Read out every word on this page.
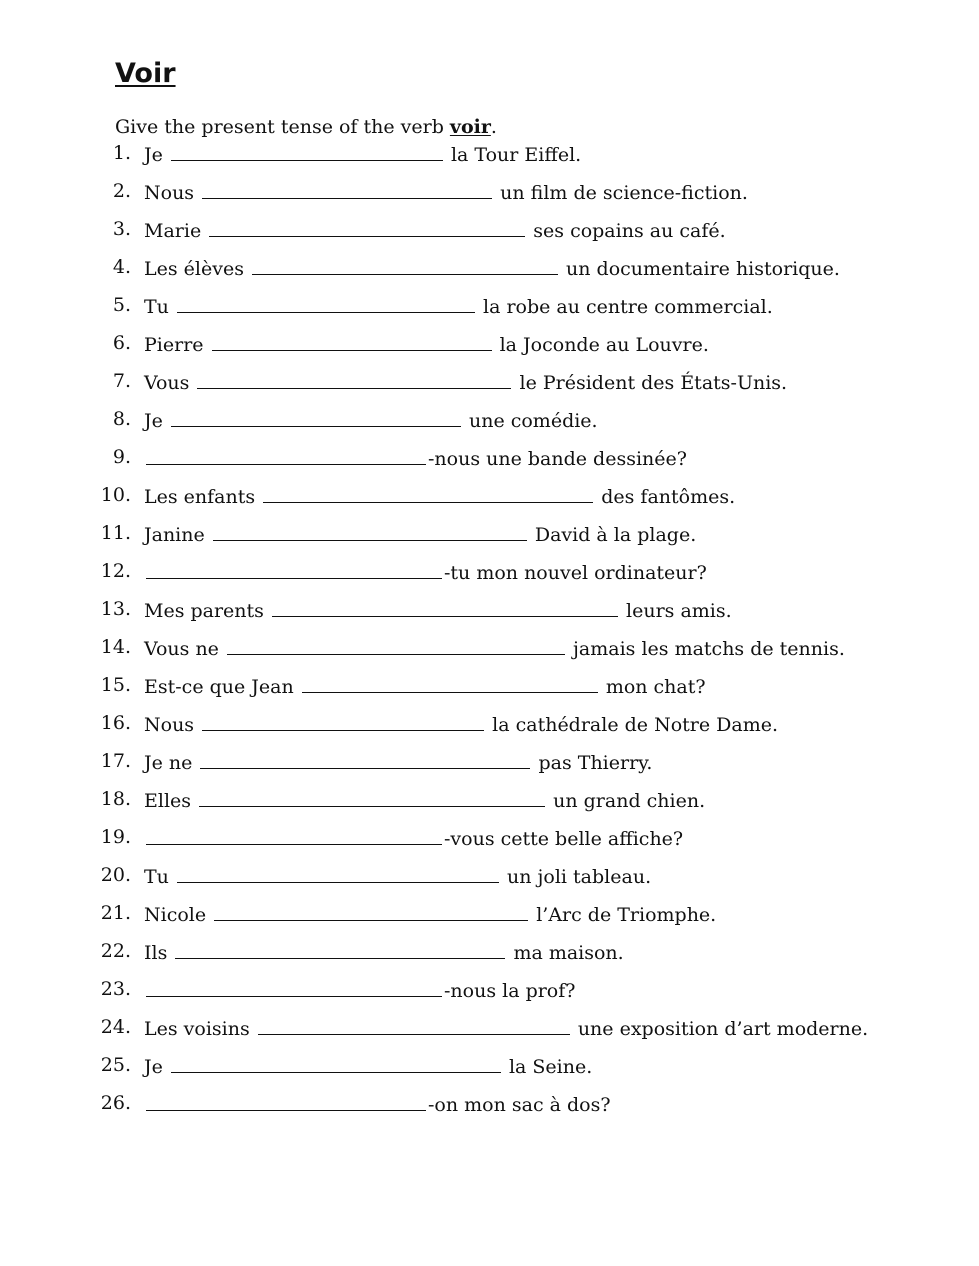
Voir

Give the present tense of the verb voir.

1. Je	la Tour Eiffel.
2. Nous	un film de science-fiction.
3. Marie	ses copains au café.
4. Les élèves	un documentaire historique.
5. Tu	la robe au centre commercial.
6. Pierre	la Joconde au Louvre.
7. Vous	le Président des États-Unis.
8. Je	une comédie.
9.	-nous une bande dessinée?
10. Les enfants	des fantômes.
11. Janine	David à la plage.
12.	-tu mon nouvel ordinateur?
13. Mes parents	leurs amis.
14. Vous ne	jamais les matchs de tennis.
15. Est-ce que Jean	mon chat?
16. Nous	la cathédrale de Notre Dame.
17. Je ne	pas Thierry.
18. Elles	un grand chien.
19.	-vous cette belle affiche?
20. Tu	un joli tableau.
21. Nicole	l’Arc de Triomphe.
22. Ils	ma maison.
23.	-nous la prof?
24. Les voisins	une exposition d’art moderne.
25. Je	la Seine.
26.	-on mon sac à dos?
